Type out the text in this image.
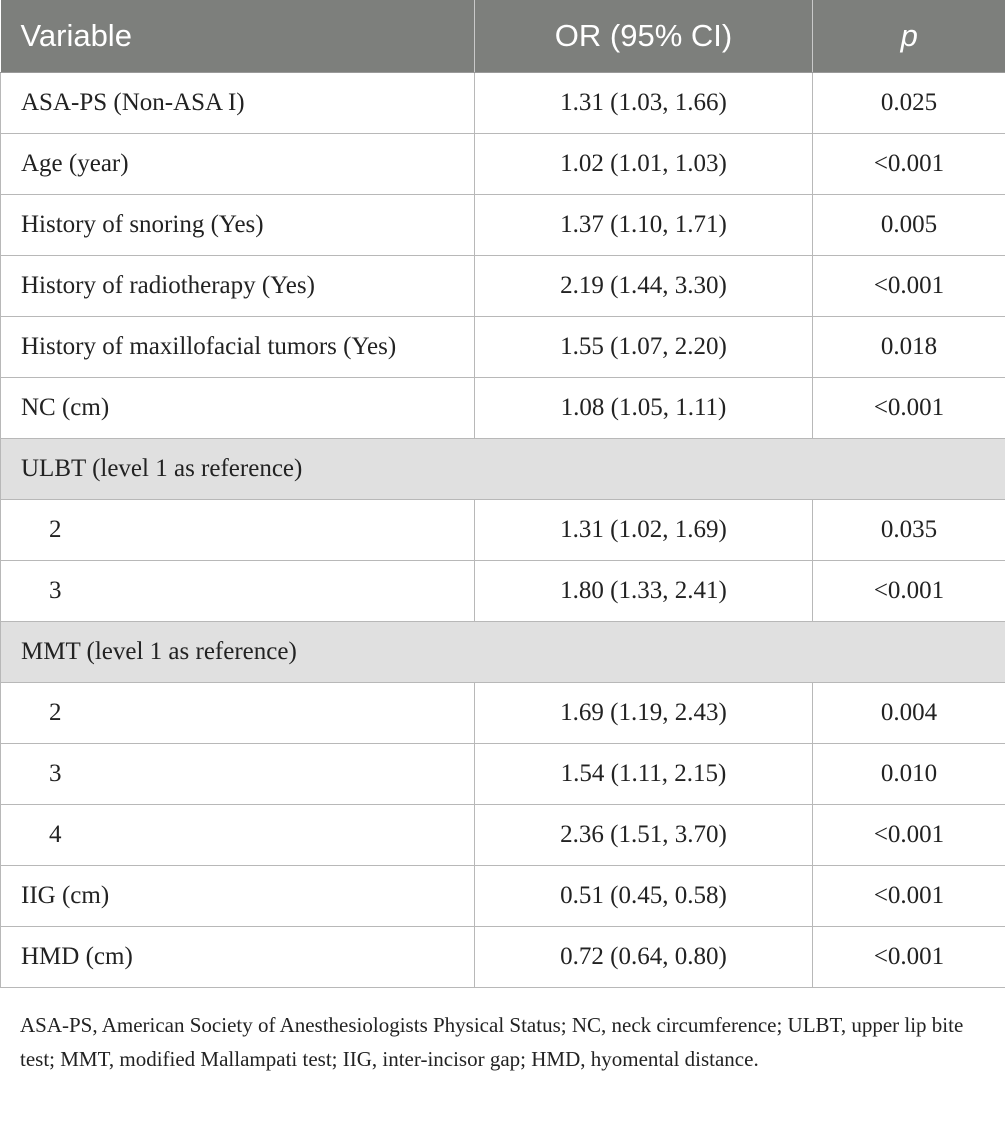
Variable	OR (95% CI)	p
ASA-PS (Non-ASA I)	1.31 (1.03, 1.66)	0.025
Age (year)	1.02 (1.01, 1.03)	<0.001
History of snoring (Yes)	1.37 (1.10, 1.71)	0.005
History of radiotherapy (Yes)	2.19 (1.44, 3.30)	<0.001
History of maxillofacial tumors (Yes)	1.55 (1.07, 2.20)	0.018
NC (cm)	1.08 (1.05, 1.11)	<0.001
ULBT (level 1 as reference)		
2	1.31 (1.02, 1.69)	0.035
3	1.80 (1.33, 2.41)	<0.001
MMT (level 1 as reference)		
2	1.69 (1.19, 2.43)	0.004
3	1.54 (1.11, 2.15)	0.010
4	2.36 (1.51, 3.70)	<0.001
IIG (cm)	0.51 (0.45, 0.58)	<0.001
HMD (cm)	0.72 (0.64, 0.80)	<0.001
ASA-PS, American Society of Anesthesiologists Physical Status; NC, neck circumference; ULBT, upper lip bite test; MMT, modified Mallampati test; IIG, inter-incisor gap; HMD, hyomental distance.
